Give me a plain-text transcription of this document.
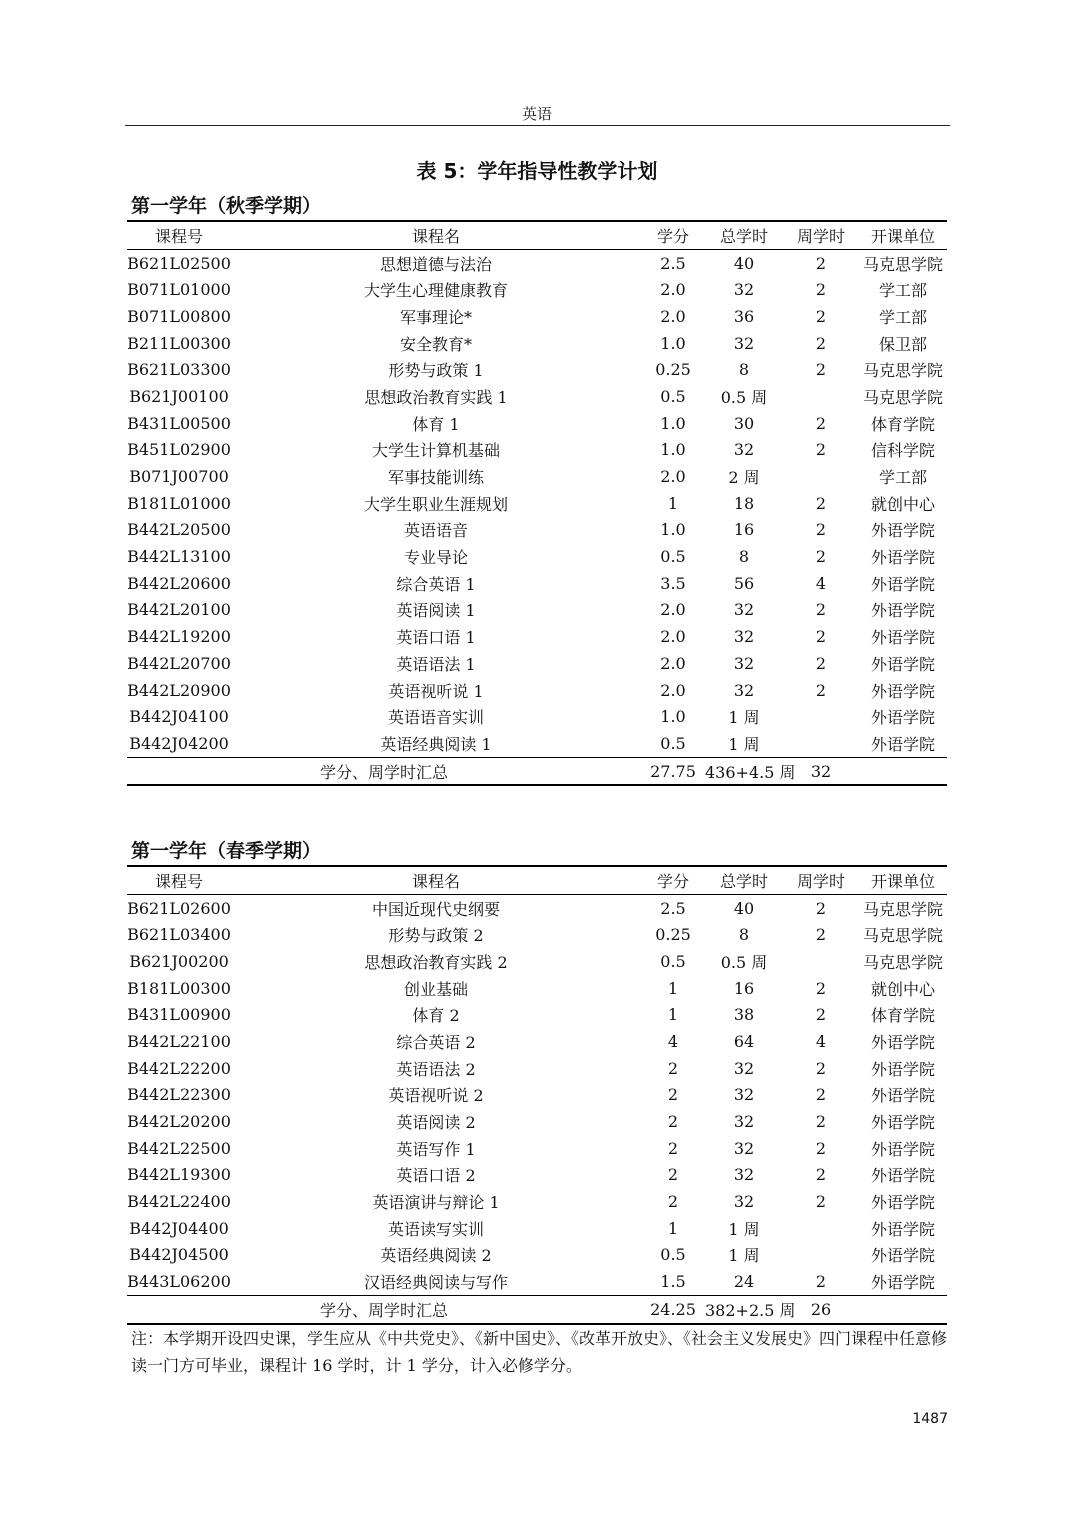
英语
表 5：学年指导性教学计划
第一学年（秋季学期）
课程号	课程名	学分	总学时	周学时	开课单位
B621L02500	思想道德与法治	2.5	40	2	马克思学院
B071L01000	大学生心理健康教育	2.0	32	2	学工部
B071L00800	军事理论*	2.0	36	2	学工部
B211L00300	安全教育*	1.0	32	2	保卫部
B621L03300	形势与政策 1	0.25	8	2	马克思学院
B621J00100	思想政治教育实践 1	0.5	0.5 周		马克思学院
B431L00500	体育 1	1.0	30	2	体育学院
B451L02900	大学生计算机基础	1.0	32	2	信科学院
B071J00700	军事技能训练	2.0	2 周		学工部
B181L01000	大学生职业生涯规划	1	18	2	就创中心
B442L20500	英语语音	1.0	16	2	外语学院
B442L13100	专业导论	0.5	8	2	外语学院
B442L20600	综合英语 1	3.5	56	4	外语学院
B442L20100	英语阅读 1	2.0	32	2	外语学院
B442L19200	英语口语 1	2.0	32	2	外语学院
B442L20700	英语语法 1	2.0	32	2	外语学院
B442L20900	英语视听说 1	2.0	32	2	外语学院
B442J04100	英语语音实训	1.0	1 周		外语学院
B442J04200	英语经典阅读 1	0.5	1 周		外语学院
学分、周学时汇总		27.75	436+4.5 周	32	
第一学年（春季学期）
课程号	课程名	学分	总学时	周学时	开课单位
B621L02600	中国近现代史纲要	2.5	40	2	马克思学院
B621L03400	形势与政策 2	0.25	8	2	马克思学院
B621J00200	思想政治教育实践 2	0.5	0.5 周		马克思学院
B181L00300	创业基础	1	16	2	就创中心
B431L00900	体育 2	1	38	2	体育学院
B442L22100	综合英语 2	4	64	4	外语学院
B442L22200	英语语法 2	2	32	2	外语学院
B442L22300	英语视听说 2	2	32	2	外语学院
B442L20200	英语阅读 2	2	32	2	外语学院
B442L22500	英语写作 1	2	32	2	外语学院
B442L19300	英语口语 2	2	32	2	外语学院
B442L22400	英语演讲与辩论 1	2	32	2	外语学院
B442J04400	英语读写实训	1	1 周		外语学院
B442J04500	英语经典阅读 2	0.5	1 周		外语学院
B443L06200	汉语经典阅读与写作	1.5	24	2	外语学院
学分、周学时汇总		24.25	382+2.5 周	26	
注：本学期开设四史课，学生应从《中共党史》、《新中国史》、《改革开放史》、《社会主义发展史》四门课程中任意修读一门方可毕业，课程计 16 学时，计 1 学分，计入必修学分。
1487
